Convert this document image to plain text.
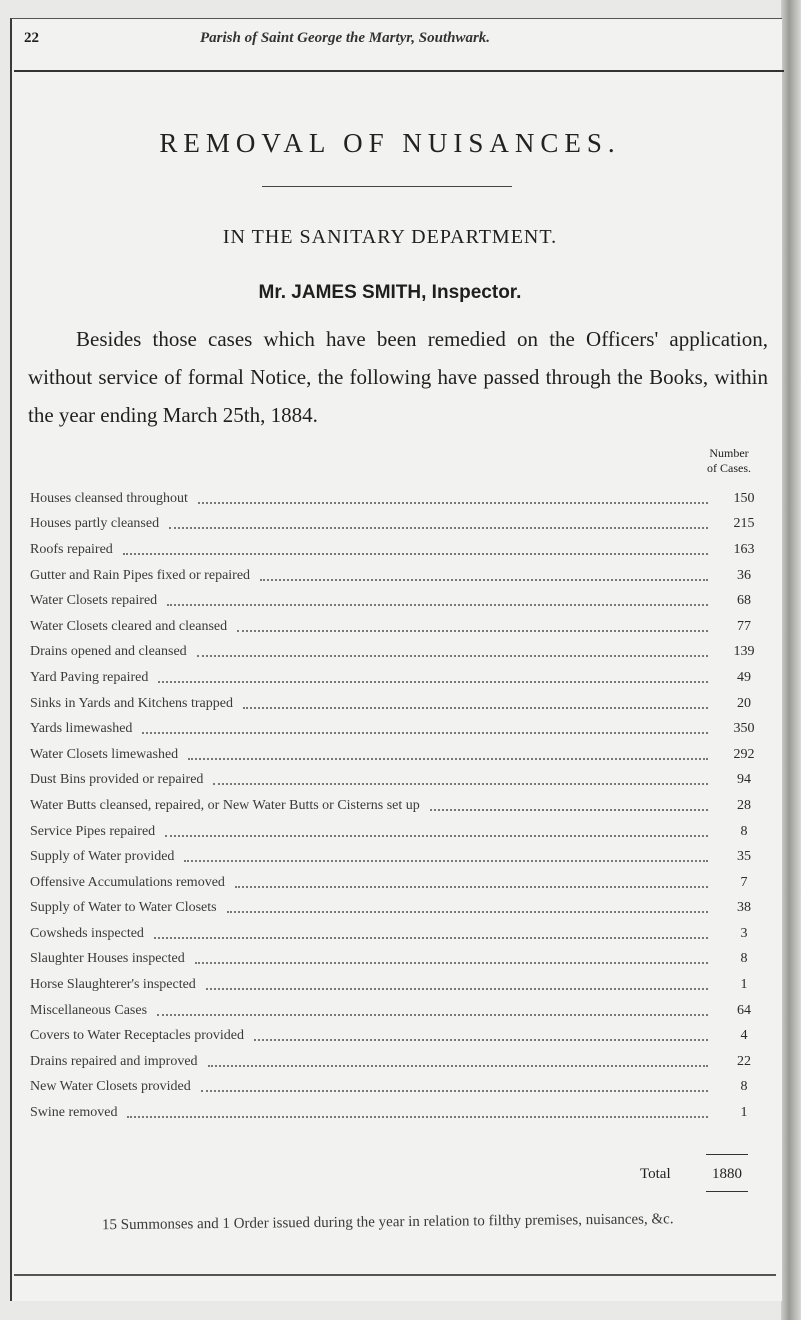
22	Parish of Saint George the Martyr, Southwark.
REMOVAL OF NUISANCES.
IN THE SANITARY DEPARTMENT.
Mr. JAMES SMITH, Inspector.
Besides those cases which have been remedied on the Officers' application, without service of formal Notice, the following have passed through the Books, within the year ending March 25th, 1884.
Number
of Cases.
Houses cleansed throughout	150
Houses partly cleansed	215
Roofs repaired	163
Gutter and Rain Pipes fixed or repaired	36
Water Closets repaired	68
Water Closets cleared and cleansed	77
Drains opened and cleansed	139
Yard Paving repaired	49
Sinks in Yards and Kitchens trapped	20
Yards limewashed	350
Water Closets limewashed	292
Dust Bins provided or repaired	94
Water Butts cleansed, repaired, or New Water Butts or Cisterns set up	28
Service Pipes repaired	8
Supply of Water provided	35
Offensive Accumulations removed	7
Supply of Water to Water Closets	38
Cowsheds inspected	3
Slaughter Houses inspected	8
Horse Slaughterer's inspected	1
Miscellaneous Cases	64
Covers to Water Receptacles provided	4
Drains repaired and improved	22
New Water Closets provided	8
Swine removed	1
Total	1880
15 Summonses and 1 Order issued during the year in relation to filthy premises, nuisances, &c.
